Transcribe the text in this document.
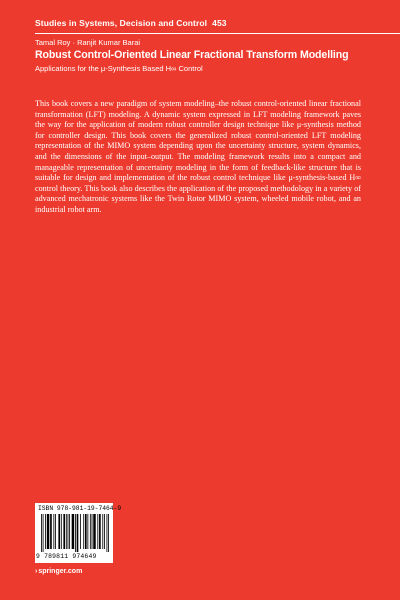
Studies in Systems, Decision and Control 453
Tamal Roy · Ranjit Kumar Barai
Robust Control-Oriented Linear Fractional Transform Modelling
Applications for the μ-Synthesis Based H∞ Control

This book covers a new paradigm of system modeling–the robust control-oriented linear fractional transformation (LFT) modeling. A dynamic system expressed in LFT modeling framework paves the way for the application of modern robust controller design technique like μ-synthesis method for controller design. This book covers the generalized robust control-oriented LFT modeling representation of the MIMO system depending upon the uncertainty structure, system dynamics, and the dimensions of the input–output. The modeling framework results into a compact and manageable representation of uncertainty modeling in the form of feedback-like structure that is suitable for design and implementation of the robust control technique like μ-synthesis-based H∞ control theory. This book also describes the application of the proposed methodology in a variety of advanced mechatronic systems like the Twin Rotor MIMO system, wheeled mobile robot, and an industrial robot arm.

ISBN 978-981-19-7464-9
9 789811 974649
›springer.com
